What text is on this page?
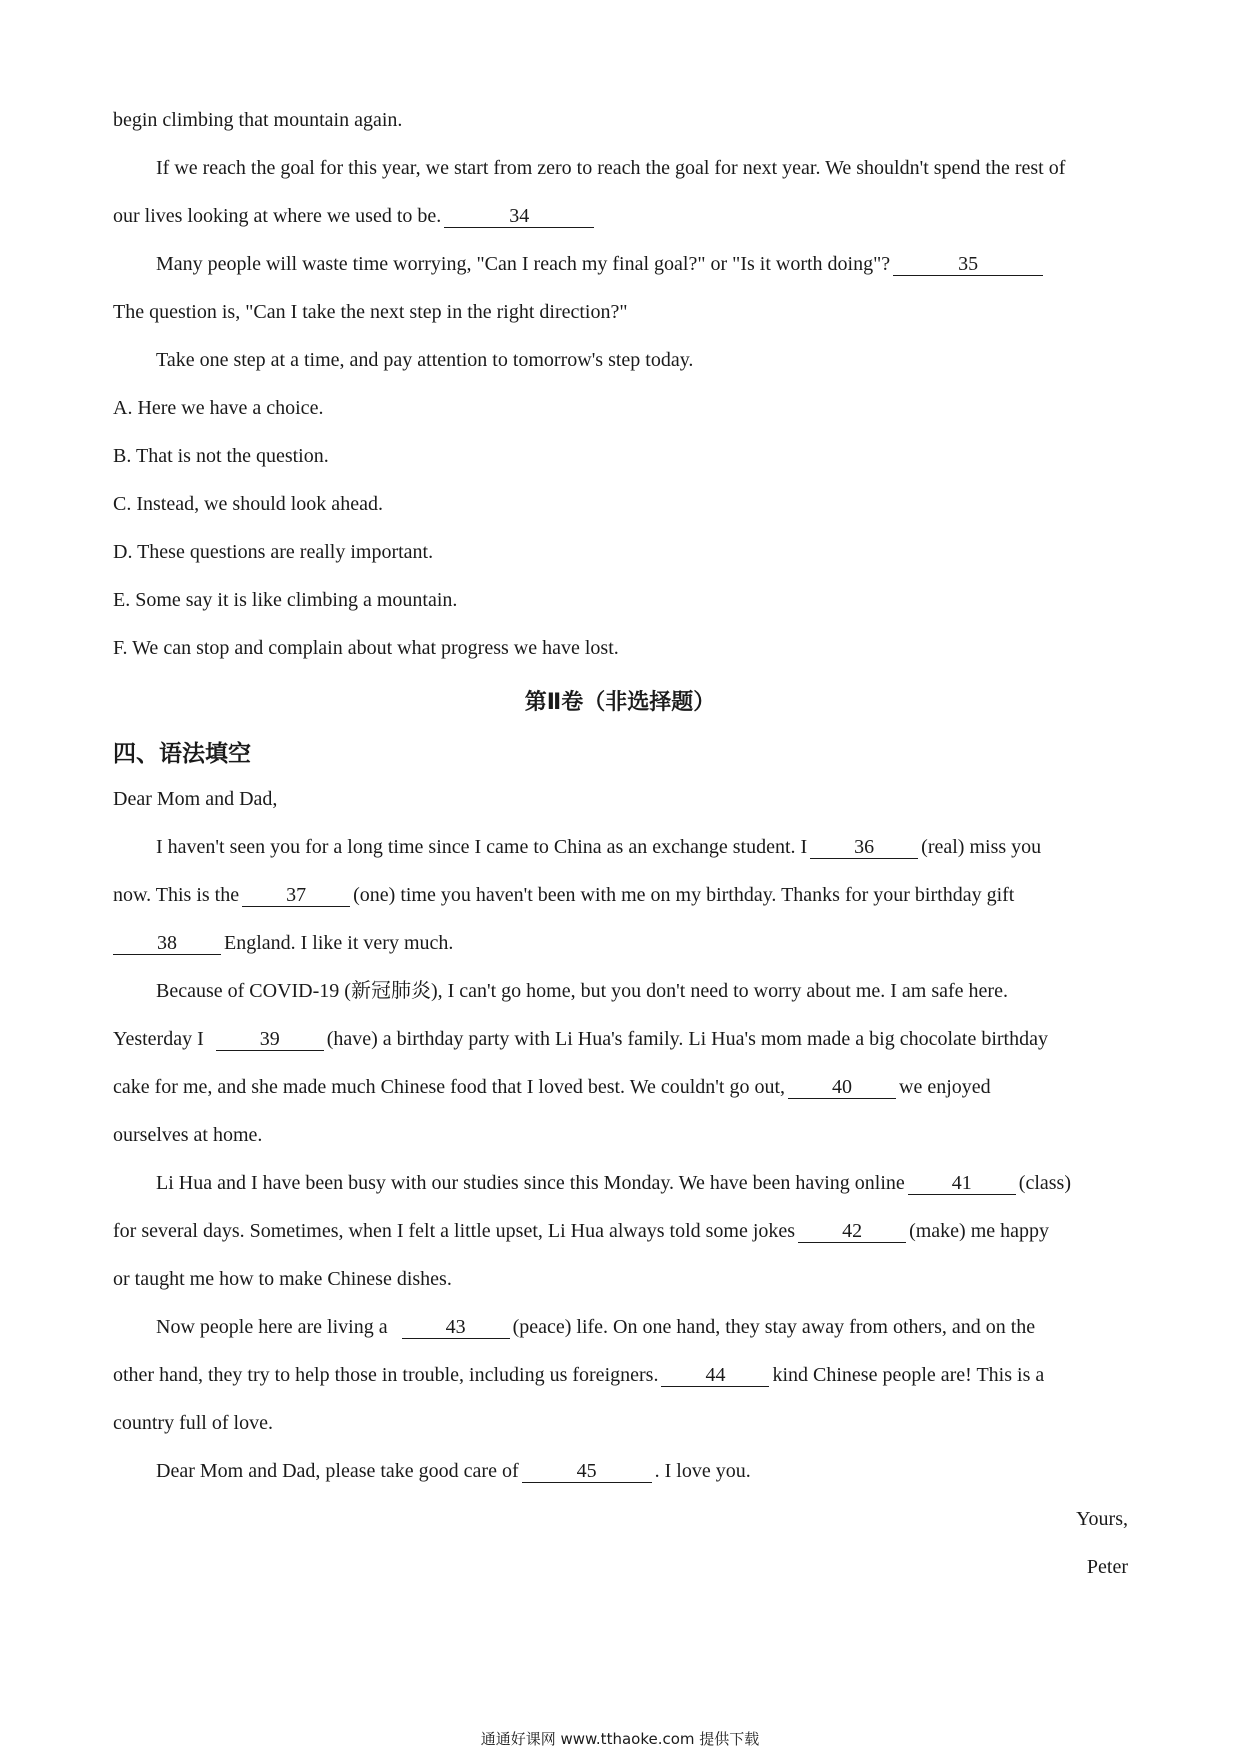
begin climbing that mountain again.
If we reach the goal for this year, we start from zero to reach the goal for next year. We shouldn't spend the rest of
our lives looking at where we used to be.	34
Many people will waste time worrying, "Can I reach my final goal?" or "Is it worth doing"?	35
The question is, "Can I take the next step in the right direction?"
Take one step at a time, and pay attention to tomorrow's step today.
A. Here we have a choice.
B. That is not the question.
C. Instead, we should look ahead.
D. These questions are really important.
E. Some say it is like climbing a mountain.
F. We can stop and complain about what progress we have lost.
第Ⅱ卷（非选择题）
四、语法填空
Dear Mom and Dad,
I haven't seen you for a long time since I came to China as an exchange student. I 36 (real) miss you
now. This is the 37 (one) time you haven't been with me on my birthday. Thanks for your birthday gift
38 England. I like it very much.
Because of COVID-19 (新冠肺炎), I can't go home, but you don't need to worry about me. I am safe here.
Yesterday I	39 (have) a birthday party with Li Hua's family. Li Hua's mom made a big chocolate birthday
cake for me, and she made much Chinese food that I loved best. We couldn't go out, 40 we enjoyed
ourselves at home.
Li Hua and I have been busy with our studies since this Monday. We have been having online 41 (class)
for several days. Sometimes, when I felt a little upset, Li Hua always told some jokes 42 (make) me happy
or taught me how to make Chinese dishes.
Now people here are living a	43 (peace) life. On one hand, they stay away from others, and on the
other hand, they try to help those in trouble, including us foreigners. 44 kind Chinese people are! This is a
country full of love.
Dear Mom and Dad, please take good care of	45	. I love you.
Yours,
Peter
通通好课网 www.tthaoke.com 提供下载
